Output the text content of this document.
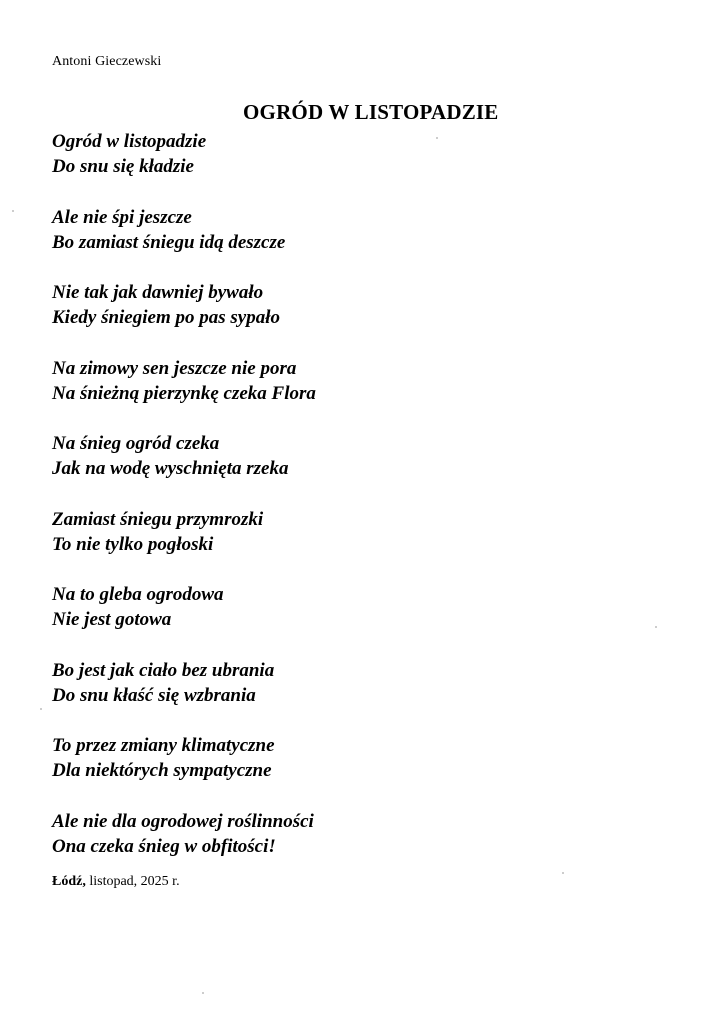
Antoni Gieczewski
OGRÓD W LISTOPADZIE
Ogród w listopadzie
Do snu się kładzie
Ale nie śpi jeszcze
Bo zamiast śniegu idą deszcze
Nie tak jak dawniej bywało
Kiedy śniegiem po pas sypało
Na zimowy sen jeszcze nie pora
Na śnieżną pierzynkę czeka Flora
Na śnieg ogród czeka
Jak na wodę wyschnięta rzeka
Zamiast śniegu przymrozki
To nie tylko pogłoski
Na to gleba ogrodowa
Nie jest gotowa
Bo jest jak ciało bez ubrania
Do snu kłaść się wzbrania
To przez zmiany klimatyczne
Dla niektórych sympatyczne
Ale nie dla ogrodowej roślinności
Ona czeka śnieg w obfitości!
Łódź, listopad, 2025 r.
